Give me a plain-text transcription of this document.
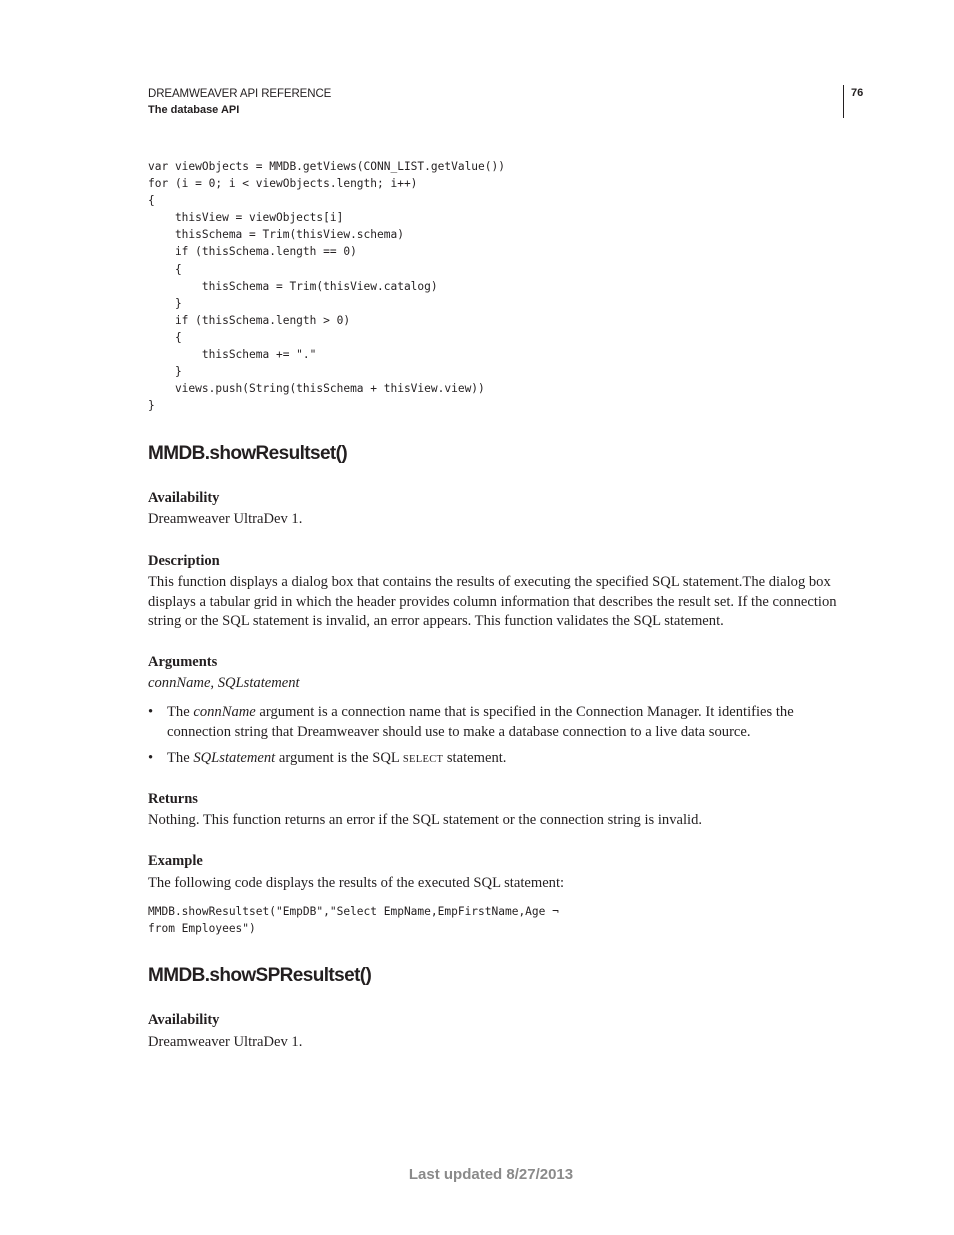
DREAMWEAVER API REFERENCE
The database API
76
var viewObjects = MMDB.getViews(CONN_LIST.getValue())
for (i = 0; i < viewObjects.length; i++)
{
thisView = viewObjects[i]
thisSchema = Trim(thisView.schema)
if (thisSchema.length == 0)
{
thisSchema = Trim(thisView.catalog)
}
if (thisSchema.length > 0)
{
thisSchema += "."
}
views.push(String(thisSchema + thisView.view))
}
MMDB.showResultset()
Availability

Dreamweaver UltraDev 1.

Description
This function displays a dialog box that contains the results of executing the specified SQL statement.The dialog box
displays a tabular grid in which the header provides column information that describes the result set. If the connection
string or the SQL statement is invalid, an error appears. This function validates the SQL statement.
Arguments

connName, SQLstatement

• The connName argument is a connection name that is specified in the Connection Manager. It identifies the
connection string that Dreamweaver should use to make a database connection to a live data source.
• The SQLstatement argument is the SQL SELECT statement.
Returns

Nothing. This function returns an error if the SQL statement or the connection string is invalid.

Example

The following code displays the results of the executed SQL statement:

MMDB.showResultset("EmpDB","Select EmpName,EmpFirstName,Age ¬
from Employees")
MMDB.showSPResultset()
Availability

Dreamweaver UltraDev 1.

Last updated 8/27/2013
